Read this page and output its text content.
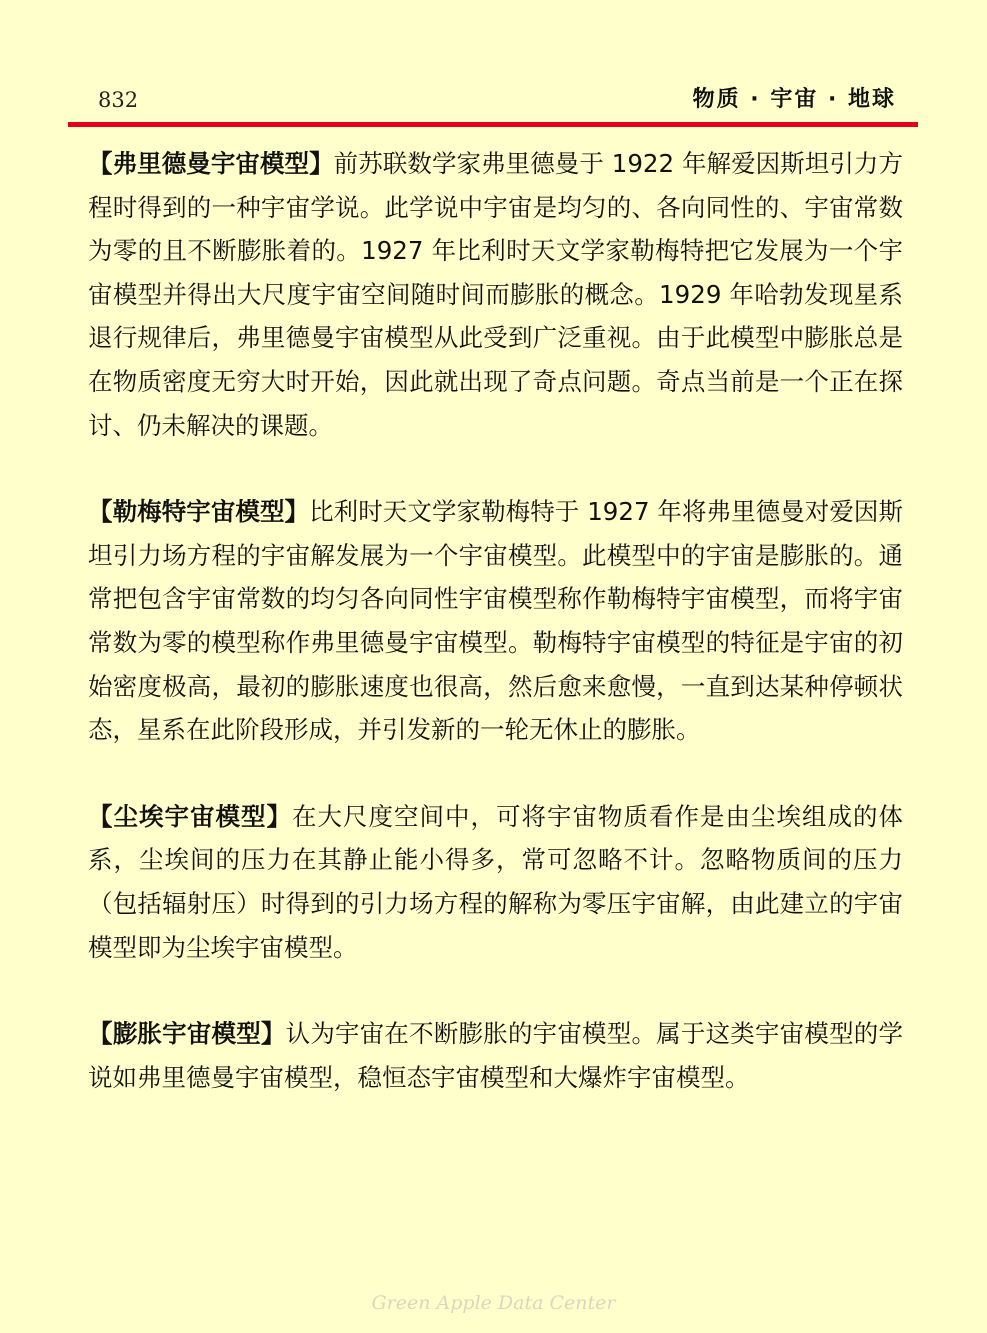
832	物质 · 宇宙 · 地球

【弗里德曼宇宙模型】前苏联数学家弗里德曼于 1922 年解爱因斯坦引力方程时得到的一种宇宙学说。此学说中宇宙是均匀的、各向同性的、宇宙常数为零的且不断膨胀着的。1927 年比利时天文学家勒梅特把它发展为一个宇宙模型并得出大尺度宇宙空间随时间而膨胀的概念。1929 年哈勃发现星系退行规律后，弗里德曼宇宙模型从此受到广泛重视。由于此模型中膨胀总是在物质密度无穷大时开始，因此就出现了奇点问题。奇点当前是一个正在探讨、仍未解决的课题。

【勒梅特宇宙模型】比利时天文学家勒梅特于 1927 年将弗里德曼对爱因斯坦引力场方程的宇宙解发展为一个宇宙模型。此模型中的宇宙是膨胀的。通常把包含宇宙常数的均匀各向同性宇宙模型称作勒梅特宇宙模型，而将宇宙常数为零的模型称作弗里德曼宇宙模型。勒梅特宇宙模型的特征是宇宙的初始密度极高，最初的膨胀速度也很高，然后愈来愈慢，一直到达某种停顿状态，星系在此阶段形成，并引发新的一轮无休止的膨胀。

【尘埃宇宙模型】在大尺度空间中，可将宇宙物质看作是由尘埃组成的体系，尘埃间的压力在其静止能小得多，常可忽略不计。忽略物质间的压力（包括辐射压）时得到的引力场方程的解称为零压宇宙解，由此建立的宇宙模型即为尘埃宇宙模型。

【膨胀宇宙模型】认为宇宙在不断膨胀的宇宙模型。属于这类宇宙模型的学说如弗里德曼宇宙模型，稳恒态宇宙模型和大爆炸宇宙模型。

Green Apple Data Center
